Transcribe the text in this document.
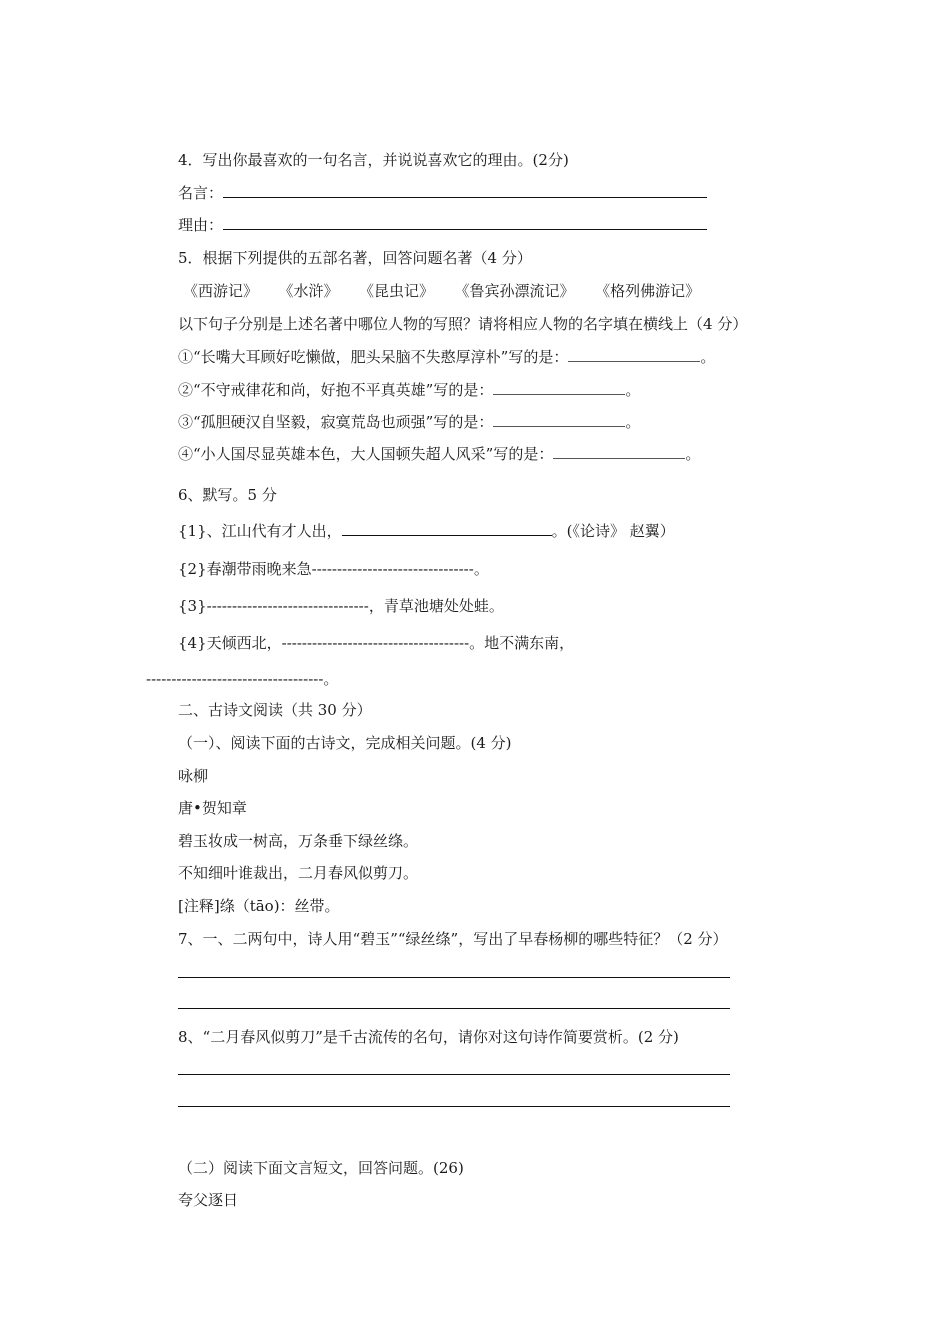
4．写出你最喜欢的一句名言，并说说喜欢它的理由。(2分)
名言：
理由：
5．根据下列提供的五部名著，回答问题名著（4 分）
《西游记》 《水浒》 《昆虫记》 《鲁宾孙漂流记》 《格列佛游记》
以下句子分别是上述名著中哪位人物的写照？请将相应人物的名字填在横线上（4 分）
①“长嘴大耳顾好吃懒做，肥头呆脑不失憨厚淳朴”写的是：	。
②“不守戒律花和尚，好抱不平真英雄”写的是：	。
③“孤胆硬汉自坚毅，寂寞荒岛也顽强”写的是：	。
④“小人国尽显英雄本色，大人国顿失超人风采”写的是：	。
6、默写。5 分
{1}、江山代有才人出，	。(《论诗》 赵翼）
{2}春潮带雨晚来急--------------------------------。
{3}--------------------------------，青草池塘处处蛙。
{4}天倾西北，-------------------------------------。地不满东南，
-----------------------------------。
二、古诗文阅读（共 30 分）
（一）、阅读下面的古诗文，完成相关问题。(4 分)
咏柳
唐•贺知章
碧玉妆成一树高，万条垂下绿丝绦。
不知细叶谁裁出，二月春风似剪刀。
[注释]绦（tāo)：丝带。
7、一、二两句中，诗人用“碧玉”“绿丝绦”，写出了早春杨柳的哪些特征？（2 分）
8、“二月春风似剪刀”是千古流传的名句，请你对这句诗作简要赏析。(2 分)
（二）阅读下面文言短文，回答问题。(26)
夸父逐日
